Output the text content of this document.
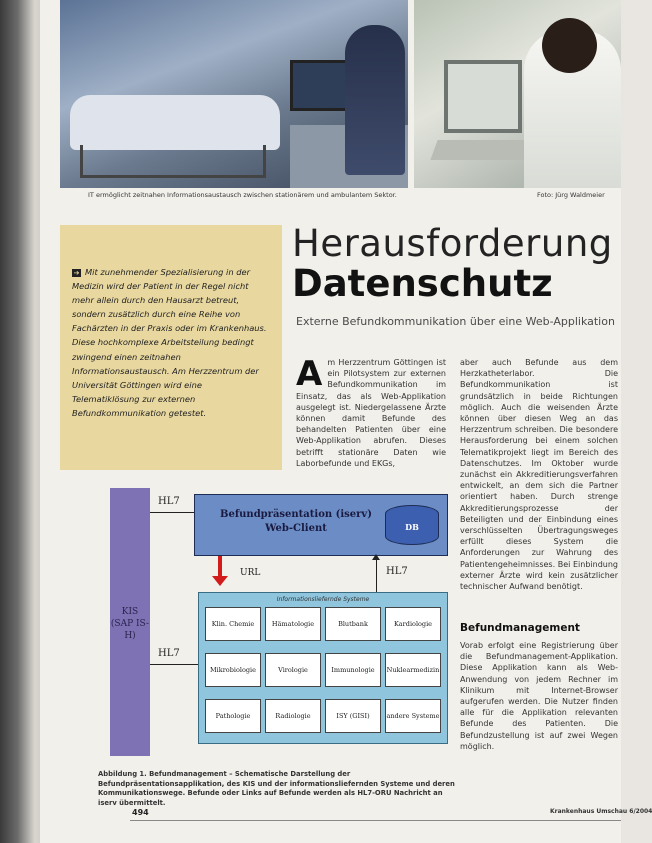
IT ermöglicht zeitnahen Informationsaustausch zwischen stationärem und ambulantem Sektor.	Foto: Jürg Waldmeier
➔ Mit zunehmender Spezialisierung in der Medizin wird der Patient in der Regel nicht mehr allein durch den Hausarzt betreut, sondern zusätzlich durch eine Reihe von Fachärzten in der Praxis oder im Krankenhaus. Diese hochkomplexe Arbeitsteilung bedingt zwingend einen zeitnahen Informationsaustausch. Am Herzzentrum der Universität Göttingen wird eine Telematiklösung zur externen Befundkommunikation getestet.
Herausforderung
Datenschutz
Externe Befundkommunikation über eine Web-Applikation
Am Herzzentrum Göttingen ist ein Pilotsystem zur externen Befundkommunikation im Einsatz, das als Web-Applikation ausgelegt ist. Niedergelassene Ärzte können damit Befunde des behandelten Patienten über eine Web-Applikation abrufen. Dieses betrifft stationäre Daten wie Laborbefunde und EKGs,
aber auch Befunde aus dem Herzkatheterlabor. Die Befundkommunikation ist grundsätzlich in beide Richtungen möglich. Auch die weisenden Ärzte können über diesen Weg an das Herzzentrum schreiben. Die besondere Herausforderung bei einem solchen Telematikprojekt liegt im Bereich des Datenschutzes. Im Oktober wurde zunächst ein Akkreditierungsverfahren entwickelt, an dem sich die Partner orientiert haben. Durch strenge Akkreditierungsprozesse der Beteiligten und der Einbindung eines verschlüsselten Übertragungsweges erfüllt dieses System die Anforderungen zur Wahrung des Patientengeheimnisses. Bei Einbindung externer Ärzte wird kein zusätzlicher technischer Aufwand benötigt.
Befundmanagement
Vorab erfolgt eine Registrierung über die Befundmanagement-Applikation. Diese Applikation kann als Web-Anwendung von jedem Rechner im Klinikum mit Internet-Browser aufgerufen werden. Die Nutzer finden alle für die Applikation relevanten Befunde des Patienten. Die Befundzustellung ist auf zwei Wegen möglich.
KIS (SAP IS-H)
HL7
HL7
Befundpräsentation (iserv) Web-Client	DB
URL	HL7
Informationsliefernde Systeme
Klin. Chemie	Hämatologie	Blutbank	Kardiologie
Mikrobiologie	Virologie	Immunologie	Nuklearmedizin
Pathologie	Radiologie	ISY (GISI)	andere Systeme
Abbildung 1. Befundmanagement – Schematische Darstellung der Befundpräsentationsapplikation, des KIS und der informationsliefernden Systeme und deren Kommunikationswege. Befunde oder Links auf Befunde werden als HL7-ORU Nachricht an iserv übermittelt.
494	Krankenhaus Umschau 6/2004
